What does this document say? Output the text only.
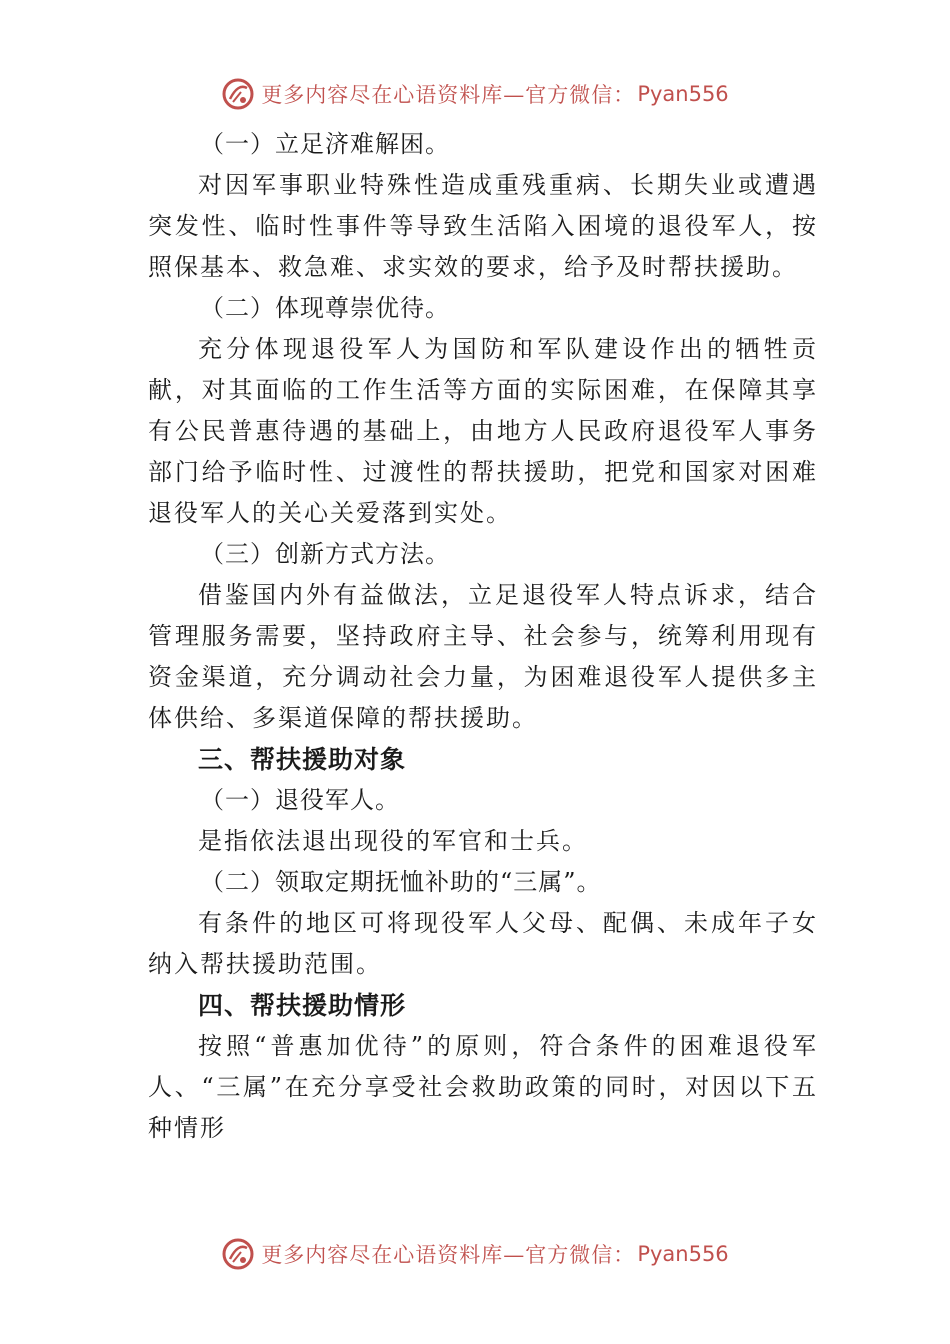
更多内容尽在心语资料库—官方微信： Pyan556

（一）立足济难解困。

对因军事职业特殊性造成重残重病、长期失业或遭遇突发性、临时性事件等导致生活陷入困境的退役军人，按照保基本、救急难、求实效的要求，给予及时帮扶援助。

（二）体现尊崇优待。

充分体现退役军人为国防和军队建设作出的牺牲贡献，对其面临的工作生活等方面的实际困难，在保障其享有公民普惠待遇的基础上，由地方人民政府退役军人事务部门给予临时性、过渡性的帮扶援助，把党和国家对困难退役军人的关心关爱落到实处。

（三）创新方式方法。

借鉴国内外有益做法，立足退役军人特点诉求，结合管理服务需要，坚持政府主导、社会参与，统筹利用现有资金渠道，充分调动社会力量，为困难退役军人提供多主体供给、多渠道保障的帮扶援助。

三、帮扶援助对象

（一）退役军人。

是指依法退出现役的军官和士兵。

（二）领取定期抚恤补助的“三属”。

有条件的地区可将现役军人父母、配偶、未成年子女纳入帮扶援助范围。

四、帮扶援助情形

按照“普惠加优待”的原则，符合条件的困难退役军人、“三属”在充分享受社会救助政策的同时，对因以下五种情形

更多内容尽在心语资料库—官方微信： Pyan556
